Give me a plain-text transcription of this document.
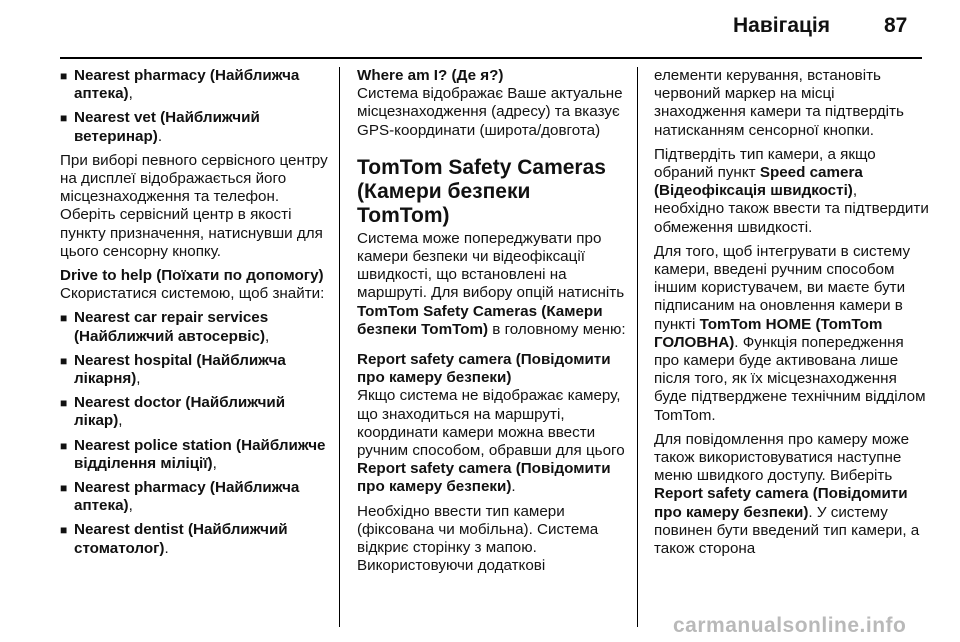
Навігація	87
■ Nearest pharmacy (Найближча аптека),
■ Nearest vet (Найближчий ветеринар).

При виборі певного сервісного центру на дисплеї відображається його місцезнаходження та телефон. Оберіть сервісний центр в якості пункту призначення, натиснувши для цього сенсорну кнопку.

Drive to help (Поїхати по допомогу)

Скористатися системою, щоб знайти:

■ Nearest car repair services (Найближчий автосервіс),
■ Nearest hospital (Найближча лікарня),
■ Nearest doctor (Найближчий лікар),
■ Nearest police station (Найближче відділення міліції),
■ Nearest pharmacy (Найближча аптека),
■ Nearest dentist (Найближчий стоматолог).
Where am I? (Де я?)

Система відображає Ваше актуальне місцезнаходження (адресу) та вказує GPS-координати (широта/довгота)

TomTom Safety Cameras (Камери безпеки TomTom)

Система може попереджувати про камери безпеки чи відеофіксації швидкості, що встановлені на маршруті. Для вибору опцій натисніть TomTom Safety Cameras (Камери безпеки TomTom) в головному меню:

Report safety camera (Повідомити про камеру безпеки)

Якщо система не відображає камеру, що знаходиться на маршруті, координати камери можна ввести ручним способом, обравши для цього Report safety camera (Повідомити про камеру безпеки).

Необхідно ввести тип камери (фіксована чи мобільна). Система відкриє сторінку з мапою. Використовуючи додаткові

елементи керування, встановіть червоний маркер на місці знаходження камери та підтвердіть натисканням сенсорної кнопки.

Підтвердіть тип камери, а якщо обраний пункт Speed camera (Відеофіксація швидкості), необхідно також ввести та підтвердити обмеження швидкості.

Для того, щоб інтегрувати в систему камери, введені ручним способом іншим користувачем, ви маєте бути підписаним на оновлення камери в пункті TomTom HOME (TomTom ГОЛОВНА). Функція попередження про камери буде активована лише після того, як їх місцезнаходження буде підтверджене технічним відділом TomTom.

Для повідомлення про камеру може також використовуватися наступне меню швидкого доступу. Виберіть Report safety camera (Повідомити про камеру безпеки). У систему повинен бути введений тип камери, а також сторона

carmanualsonline.info
